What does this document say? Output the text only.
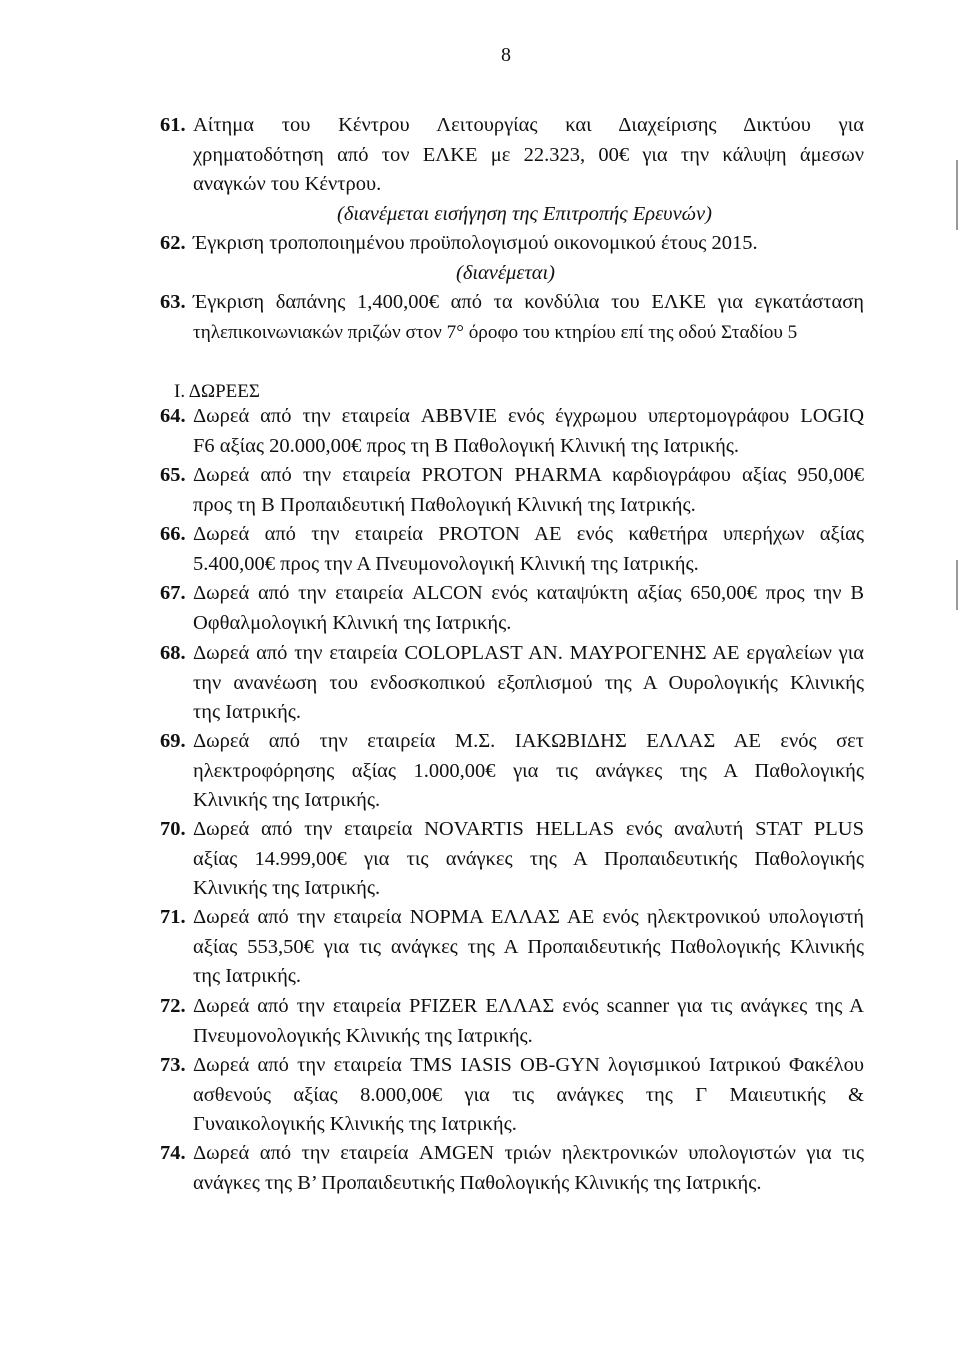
8
61. Αίτημα του Κέντρου Λειτουργίας και Διαχείρισης Δικτύου για
χρηματοδότηση από τον ΕΛΚΕ με 22.323, 00€ για την κάλυψη άμεσων
αναγκών του Κέντρου.
(διανέμεται εισήγηση της Επιτροπής Ερευνών)
62. Έγκριση τροποποιημένου προϋπολογισμού οικονομικού έτους 2015.
(διανέμεται)
63. Έγκριση δαπάνης 1,400,00€ από τα κονδύλια του ΕΛΚΕ για εγκατάσταση
τηλεπικοινωνιακών πριζών στον 7° όροφο του κτηρίου επί της οδού Σταδίου 5
Ι. ΔΩΡΕΕΣ
64. Δωρεά από την εταιρεία ABBVIE ενός έγχρωμου υπερτομογράφου LOGIQ
F6 αξίας 20.000,00€ προς τη Β Παθολογική Κλινική της Ιατρικής.
65. Δωρεά από την εταιρεία PROTON PHARMA καρδιογράφου αξίας 950,00€
προς τη Β Προπαιδευτική Παθολογική Κλινική της Ιατρικής.
66. Δωρεά από την εταιρεία PROTON AE ενός καθετήρα υπερήχων αξίας
5.400,00€ προς την Α Πνευμονολογική Κλινική της Ιατρικής.
67. Δωρεά από την εταιρεία ALCON ενός καταψύκτη αξίας 650,00€ προς την Β
Οφθαλμολογική Κλινική της Ιατρικής.
68. Δωρεά από την εταιρεία COLOPLAST AN. ΜΑΥΡΟΓΕΝΗΣ ΑΕ εργαλείων για
την ανανέωση του ενδοσκοπικού εξοπλισμού της Α Ουρολογικής Κλινικής
της Ιατρικής.
69. Δωρεά από την εταιρεία Μ.Σ. ΙΑΚΩΒΙΔΗΣ ΕΛΛΑΣ ΑΕ ενός σετ
ηλεκτροφόρησης αξίας 1.000,00€ για τις ανάγκες της Α Παθολογικής
Κλινικής της Ιατρικής.
70. Δωρεά από την εταιρεία NOVARTIS HELLAS ενός αναλυτή STAT PLUS
αξίας 14.999,00€ για τις ανάγκες της Α Προπαιδευτικής Παθολογικής
Κλινικής της Ιατρικής.
71. Δωρεά από την εταιρεία ΝΟΡΜΑ ΕΛΛΑΣ ΑΕ ενός ηλεκτρονικού υπολογιστή
αξίας 553,50€ για τις ανάγκες της Α Προπαιδευτικής Παθολογικής Κλινικής
της Ιατρικής.
72. Δωρεά από την εταιρεία PFIZER ΕΛΛΑΣ ενός scanner για τις ανάγκες της Α
Πνευμονολογικής Κλινικής της Ιατρικής.
73. Δωρεά από την εταιρεία TMS IASIS OB-GYN λογισμικού Ιατρικού Φακέλου
ασθενούς αξίας 8.000,00€ για τις ανάγκες της Γ Μαιευτικής &
Γυναικολογικής Κλινικής της Ιατρικής.
74. Δωρεά από την εταιρεία AMGEN τριών ηλεκτρονικών υπολογιστών για τις
ανάγκες της Β’ Προπαιδευτικής Παθολογικής Κλινικής της Ιατρικής.
